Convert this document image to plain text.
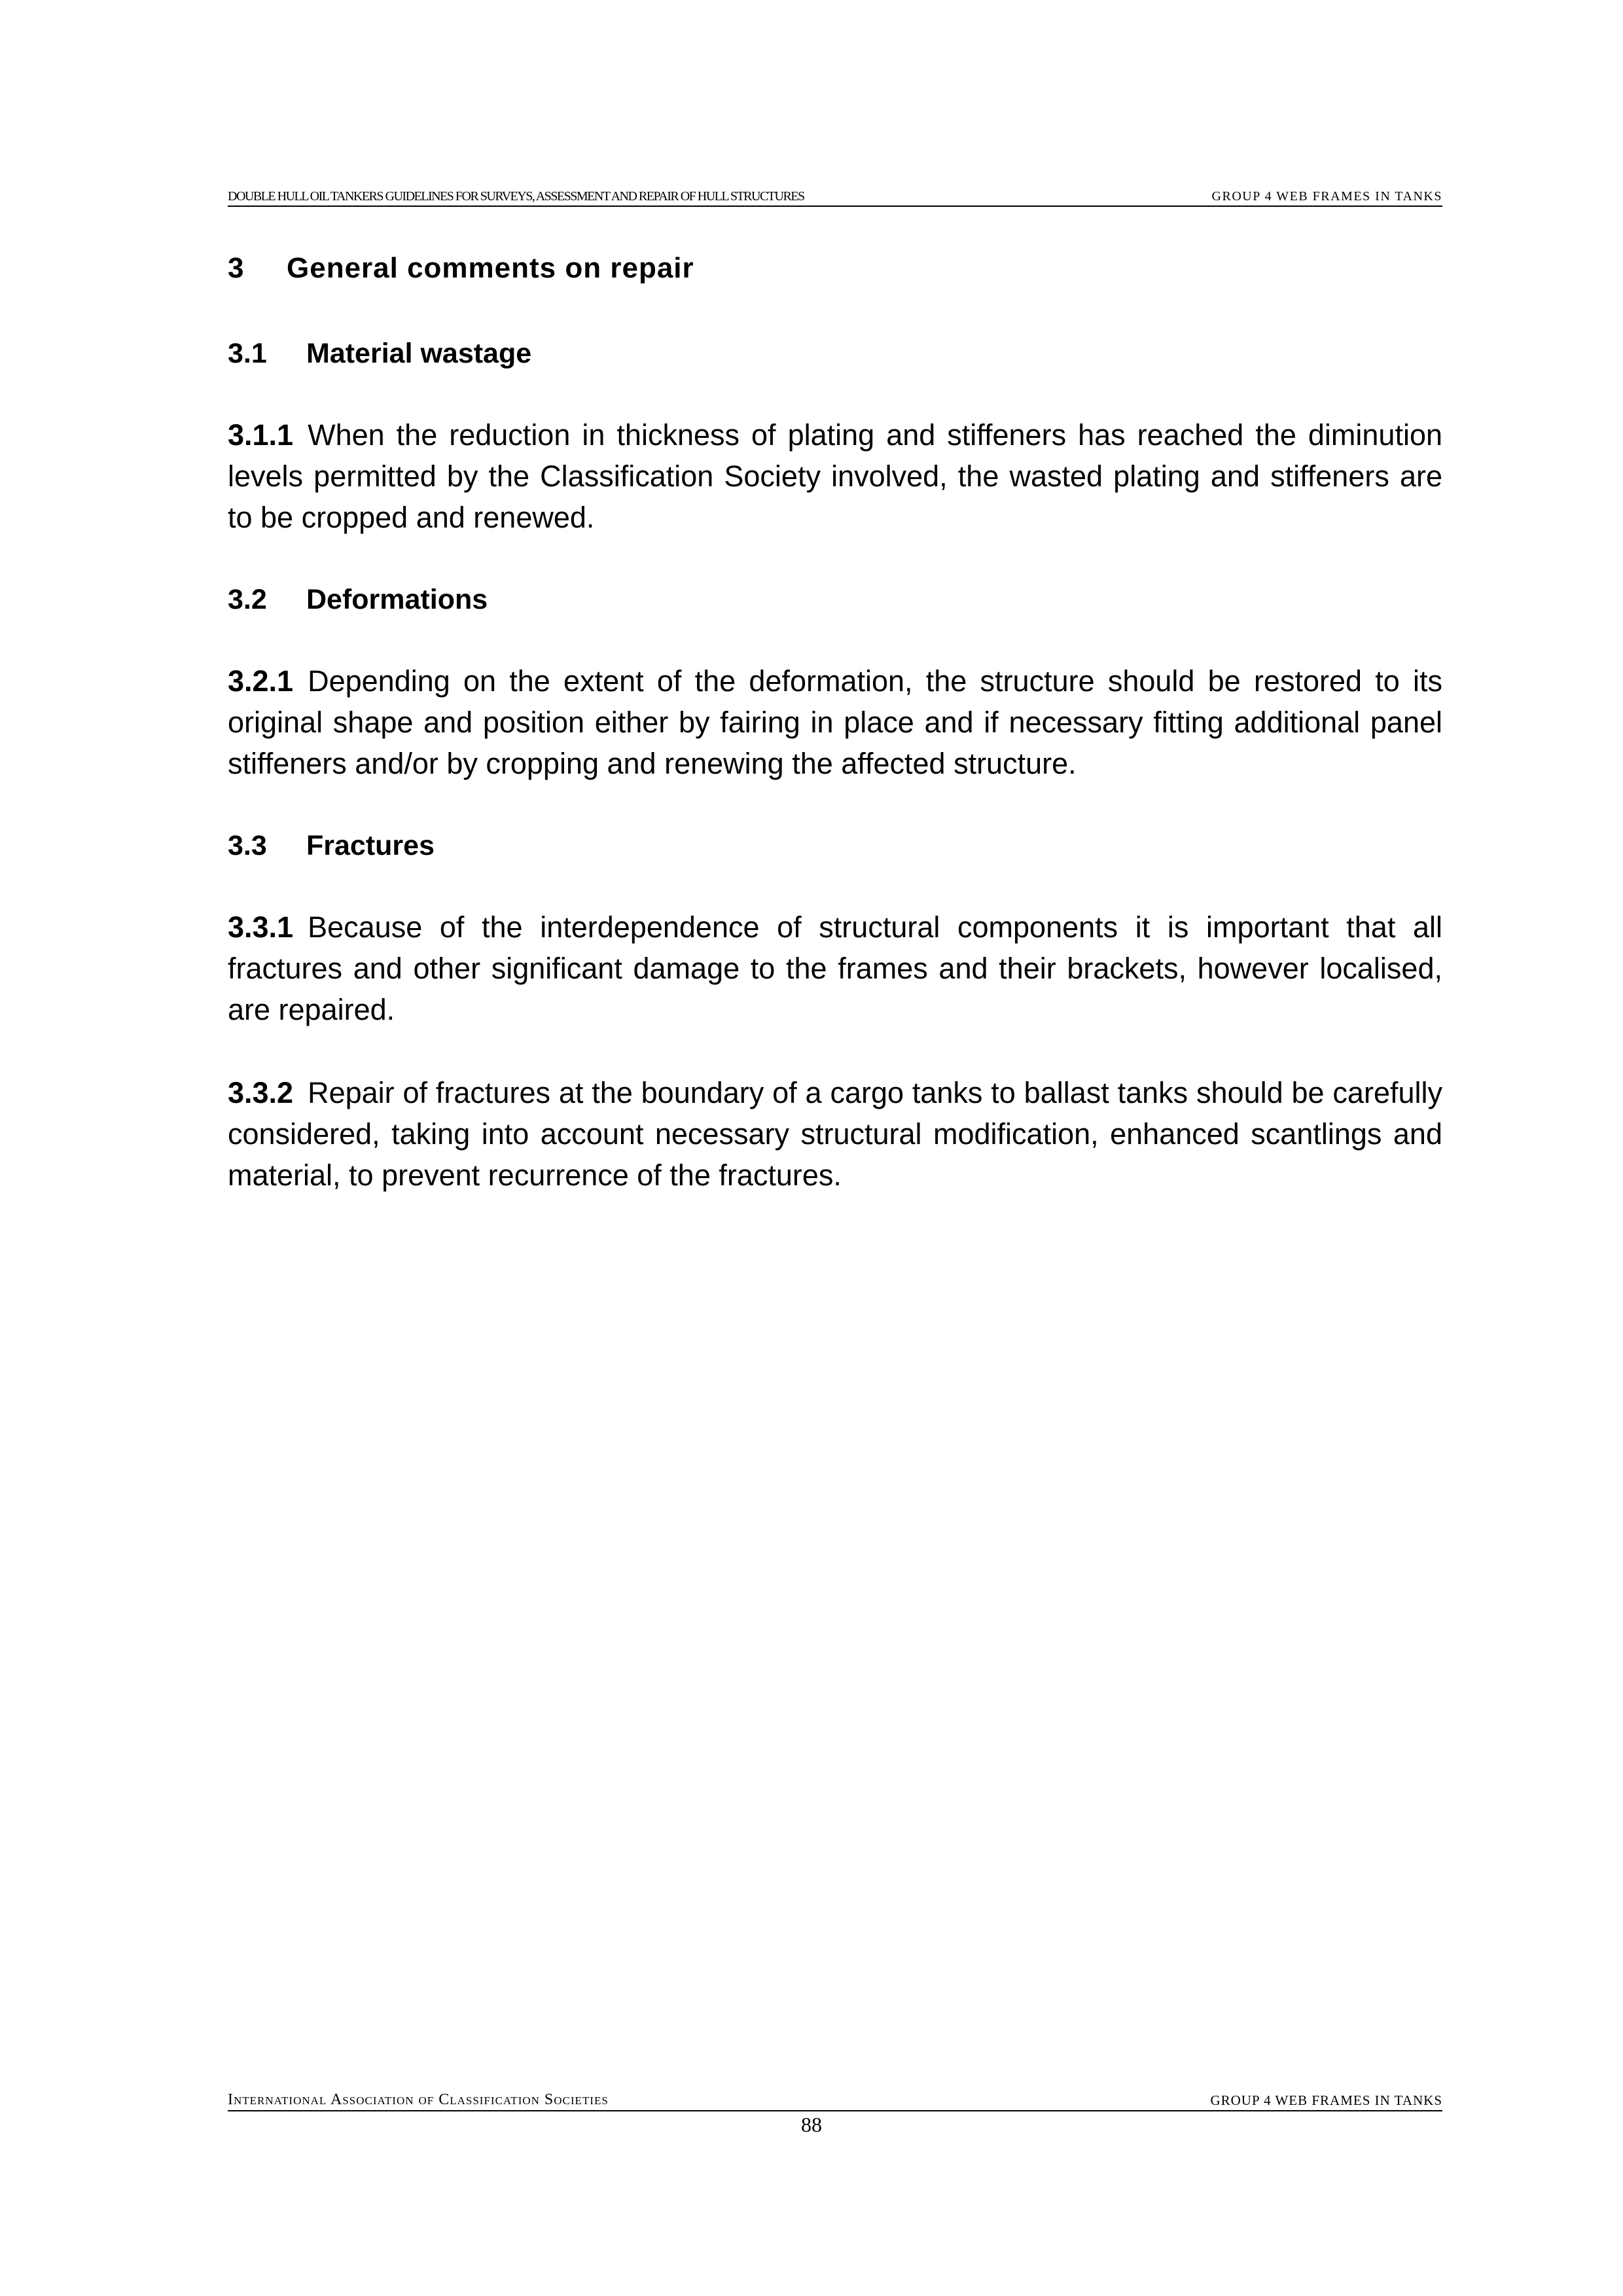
DOUBLE HULL OIL TANKERS GUIDELINES FOR SURVEYS, ASSESSMENT AND REPAIR OF HULL STRUCTURES	GROUP 4 WEB FRAMES IN TANKS
3 General comments on repair
3.1 Material wastage

3.1.1 When the reduction in thickness of plating and stiffeners has reached the diminution levels permitted by the Classification Society involved, the wasted plating and stiffeners are to be cropped and renewed.

3.2 Deformations

3.2.1 Depending on the extent of the deformation, the structure should be restored to its original shape and position either by fairing in place and if necessary fitting additional panel stiffeners and/or by cropping and renewing the affected structure.

3.3 Fractures

3.3.1 Because of the interdependence of structural components it is important that all fractures and other significant damage to the frames and their brackets, however localised, are repaired.

3.3.2 Repair of fractures at the boundary of a cargo tanks to ballast tanks should be carefully considered, taking into account necessary structural modification, enhanced scantlings and material, to prevent recurrence of the fractures.

International Association of Classification Societies	GROUP 4 WEB FRAMES IN TANKS
88
